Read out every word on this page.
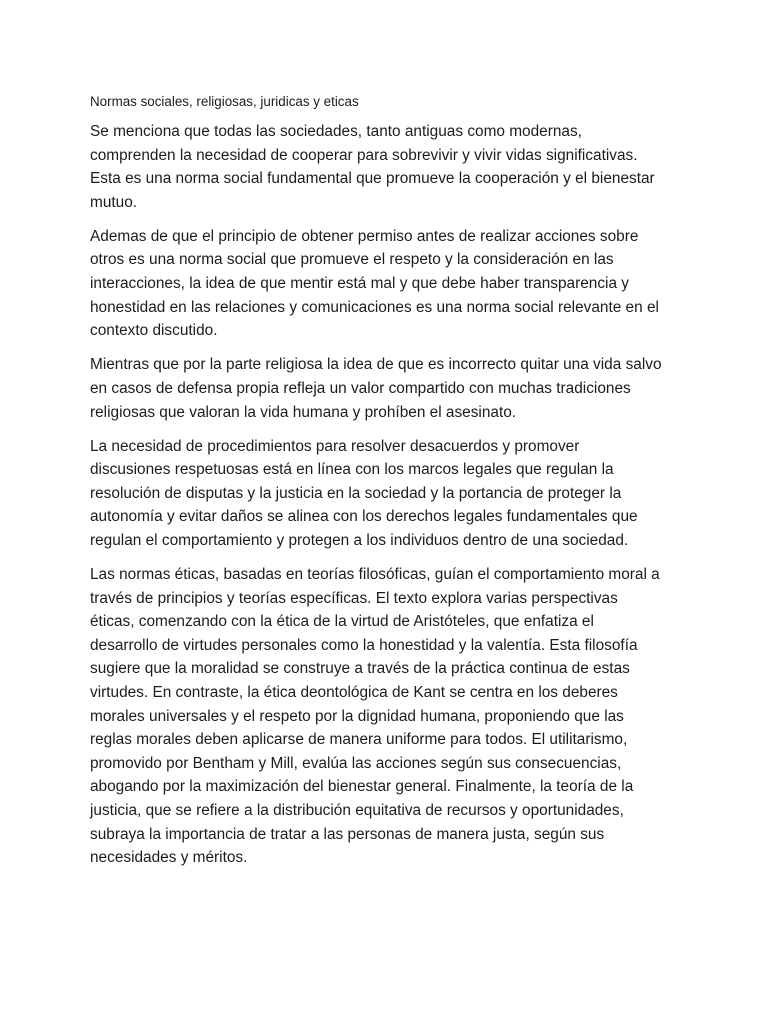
Normas sociales, religiosas, juridicas y eticas

Se menciona que todas las sociedades, tanto antiguas como modernas,
comprenden la necesidad de cooperar para sobrevivir y vivir vidas significativas.
Esta es una norma social fundamental que promueve la cooperación y el bienestar
mutuo.

Ademas de que el principio de obtener permiso antes de realizar acciones sobre
otros es una norma social que promueve el respeto y la consideración en las
interacciones, la idea de que mentir está mal y que debe haber transparencia y
honestidad en las relaciones y comunicaciones es una norma social relevante en el
contexto discutido.

Mientras que por la parte religiosa la idea de que es incorrecto quitar una vida salvo
en casos de defensa propia refleja un valor compartido con muchas tradiciones
religiosas que valoran la vida humana y prohíben el asesinato.

La necesidad de procedimientos para resolver desacuerdos y promover
discusiones respetuosas está en línea con los marcos legales que regulan la
resolución de disputas y la justicia en la sociedad y la portancia de proteger la
autonomía y evitar daños se alinea con los derechos legales fundamentales que
regulan el comportamiento y protegen a los individuos dentro de una sociedad.

Las normas éticas, basadas en teorías filosóficas, guían el comportamiento moral a
través de principios y teorías específicas. El texto explora varias perspectivas
éticas, comenzando con la ética de la virtud de Aristóteles, que enfatiza el
desarrollo de virtudes personales como la honestidad y la valentía. Esta filosofía
sugiere que la moralidad se construye a través de la práctica continua de estas
virtudes. En contraste, la ética deontológica de Kant se centra en los deberes
morales universales y el respeto por la dignidad humana, proponiendo que las
reglas morales deben aplicarse de manera uniforme para todos. El utilitarismo,
promovido por Bentham y Mill, evalúa las acciones según sus consecuencias,
abogando por la maximización del bienestar general. Finalmente, la teoría de la
justicia, que se refiere a la distribución equitativa de recursos y oportunidades,
subraya la importancia de tratar a las personas de manera justa, según sus
necesidades y méritos.
